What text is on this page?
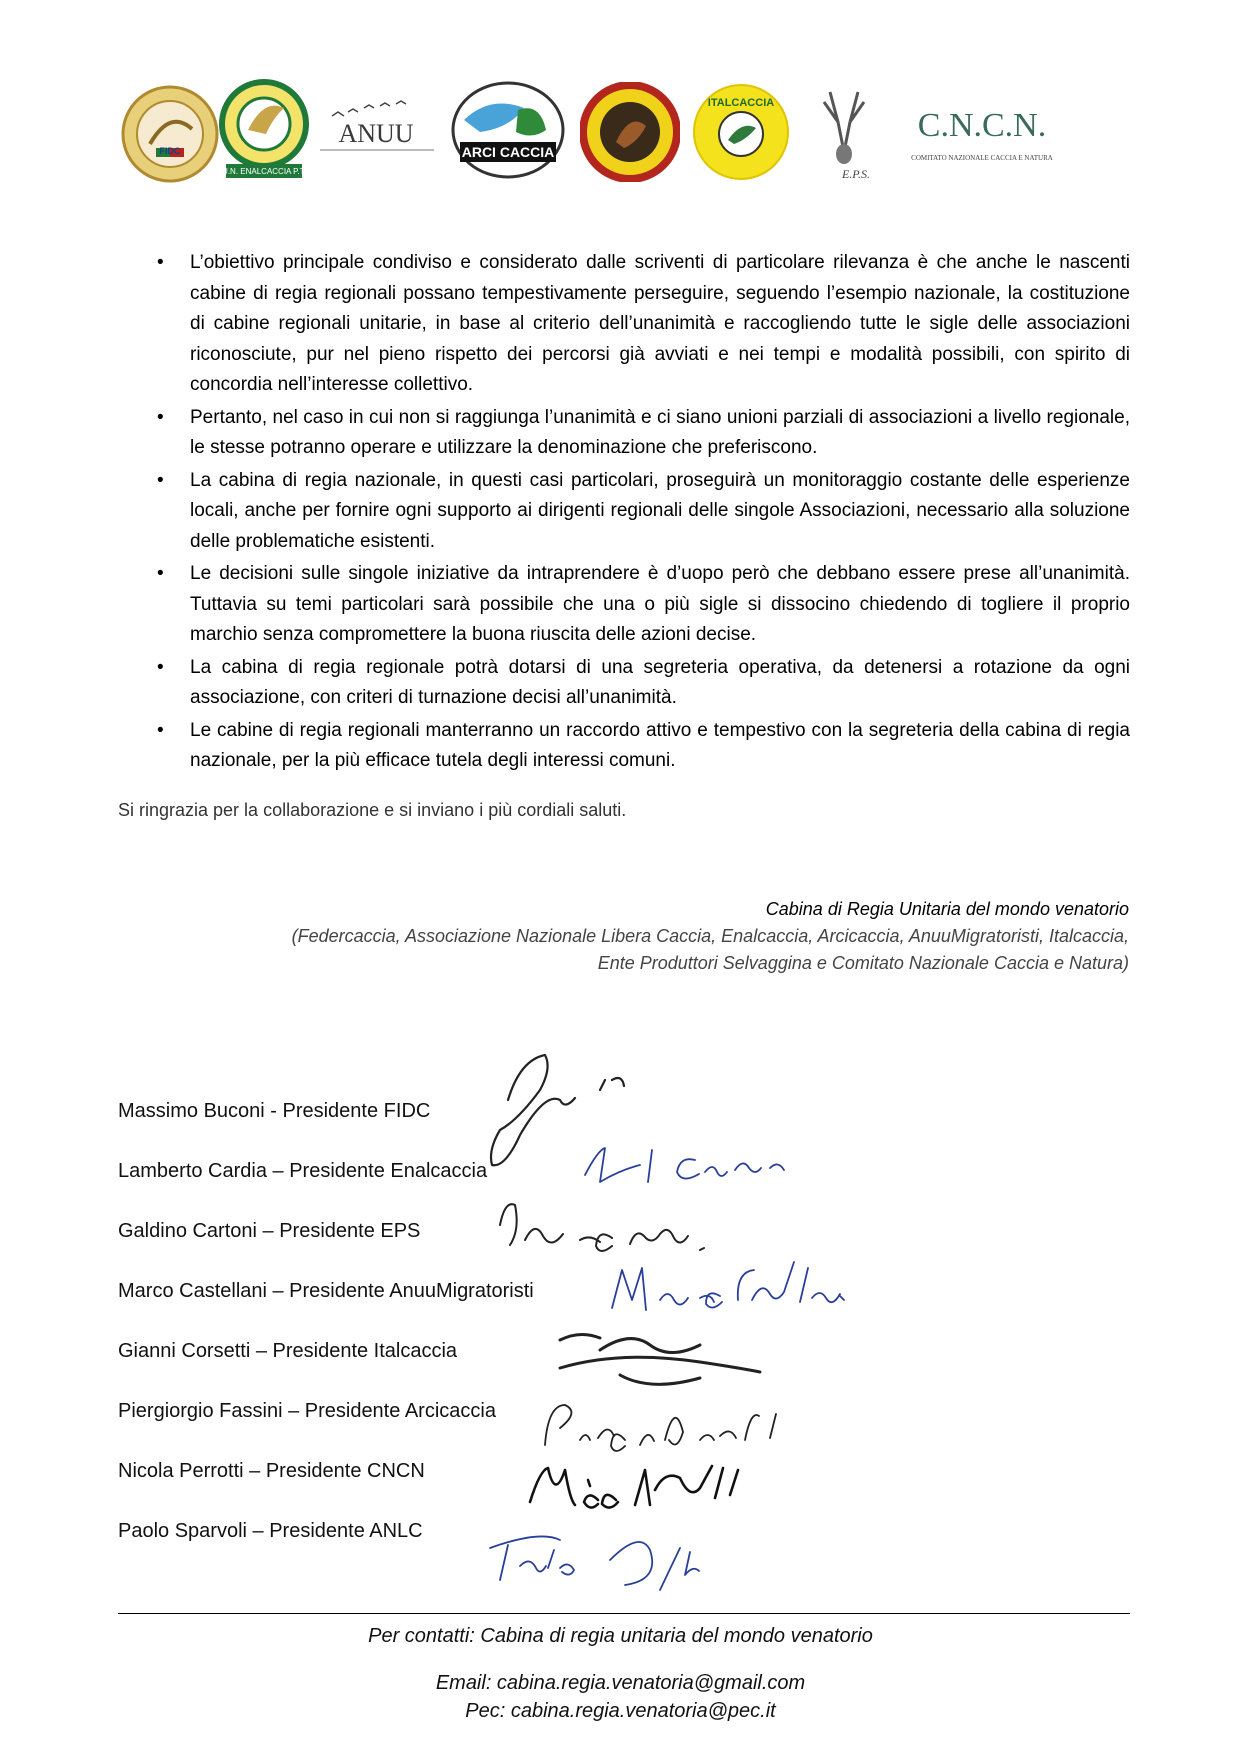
FIDC
U.N. ENALCACCIA P.T.
ANUU
ARCI CACCIA
ITALCACCIA
E.P.S.
C.N.C.N.
COMITATO NAZIONALE CACCIA E NATURA
• L’obiettivo principale condiviso e considerato dalle scriventi di particolare rilevanza è che anche le nascenti cabine di regia regionali possano tempestivamente perseguire, seguendo l’esempio nazionale, la costituzione di cabine regionali unitarie, in base al criterio dell’unanimità e raccogliendo tutte le sigle delle associazioni riconosciute, pur nel pieno rispetto dei percorsi già avviati e nei tempi e modalità possibili, con spirito di concordia nell’interesse collettivo.
• Pertanto, nel caso in cui non si raggiunga l’unanimità e ci siano unioni parziali di associazioni a livello regionale, le stesse potranno operare e utilizzare la denominazione che preferiscono.
• La cabina di regia nazionale, in questi casi particolari, proseguirà un monitoraggio costante delle esperienze locali, anche per fornire ogni supporto ai dirigenti regionali delle singole Associazioni, necessario alla soluzione delle problematiche esistenti.
• Le decisioni sulle singole iniziative da intraprendere è d’uopo però che debbano essere prese all’unanimità. Tuttavia su temi particolari sarà possibile che una o più sigle si dissocino chiedendo di togliere il proprio marchio senza compromettere la buona riuscita delle azioni decise.
• La cabina di regia regionale potrà dotarsi di una segreteria operativa, da detenersi a rotazione da ogni associazione, con criteri di turnazione decisi all’unanimità.
• Le cabine di regia regionali manterranno un raccordo attivo e tempestivo con la segreteria della cabina di regia nazionale, per la più efficace tutela degli interessi comuni.
Si ringrazia per la collaborazione e si inviano i più cordiali saluti.
Cabina di Regia Unitaria del mondo venatorio
(Federcaccia, Associazione Nazionale Libera Caccia, Enalcaccia, Arcicaccia, AnuuMigratoristi, Italcaccia,
Ente Produttori Selvaggina e Comitato Nazionale Caccia e Natura)
Massimo Buconi - Presidente FIDC
Lamberto Cardia – Presidente Enalcaccia
Galdino Cartoni – Presidente EPS
Marco Castellani – Presidente AnuuMigratoristi
Gianni Corsetti – Presidente Italcaccia
Piergiorgio Fassini – Presidente Arcicaccia
Nicola Perrotti – Presidente CNCN
Paolo Sparvoli – Presidente ANLC
Per contatti: Cabina di regia unitaria del mondo venatorio
Email: cabina.regia.venatoria@gmail.com
Pec: cabina.regia.venatoria@pec.it
